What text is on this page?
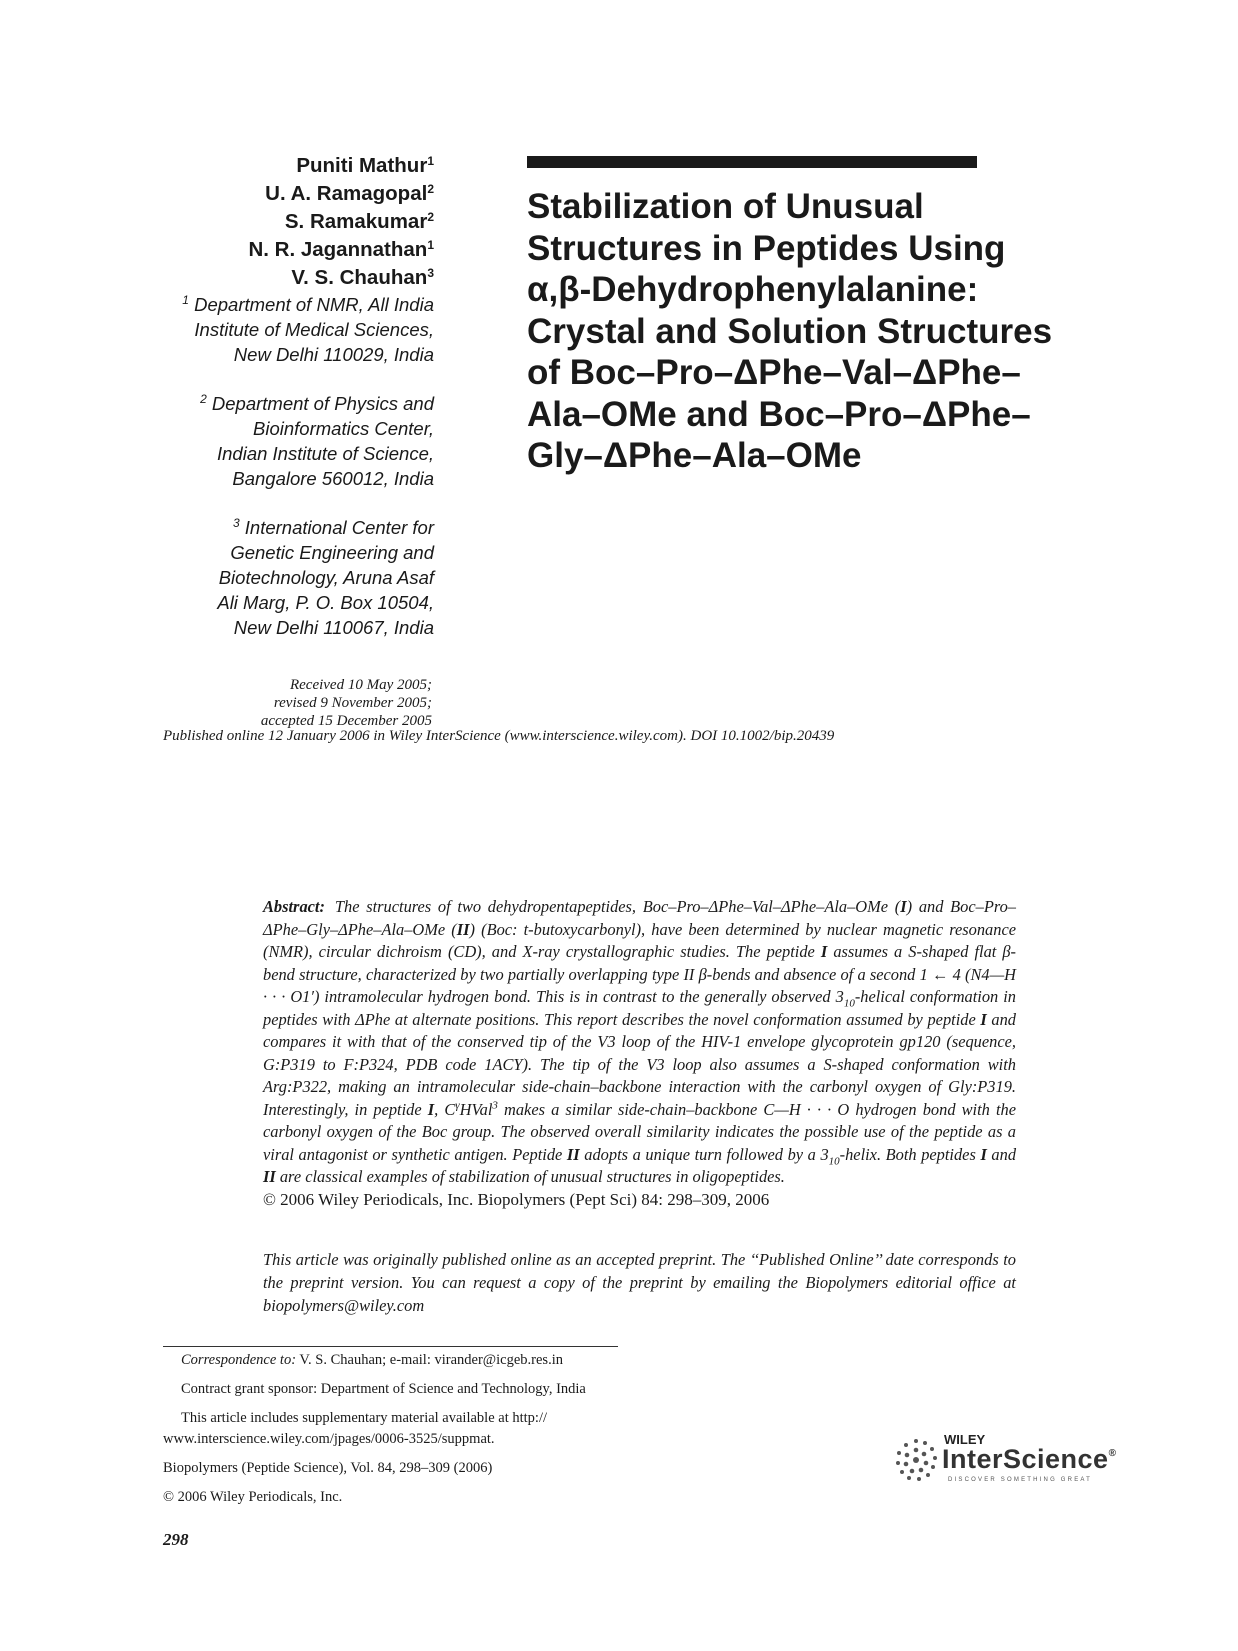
Puniti Mathur$^1$
U. A. Ramagopal$^2$
S. Ramakumar$^2$
N. R. Jagannathan$^1$
V. S. Chauhan$^3$
$^1$ Department of NMR, All India
Institute of Medical Sciences,
New Delhi 110029, India
$^2$ Department of Physics and
Bioinformatics Center,
Indian Institute of Science,
Bangalore 560012, India
$^3$ International Center for
Genetic Engineering and
Biotechnology, Aruna Asaf
Ali Marg, P. O. Box 10504,
New Delhi 110067, India
Received 10 May 2005;
revised 9 November 2005;
accepted 15 December 2005
Published online 12 January 2006 in Wiley InterScience (www.interscience.wiley.com). DOI 10.1002/bip.20439
Stabilization of Unusual
Structures in Peptides Using
α,β-Dehydrophenylalanine:
Crystal and Solution Structures
of Boc–Pro–ΔPhe–Val–ΔPhe–
Ala–OMe and Boc–Pro–ΔPhe–
Gly–ΔPhe–Ala–OMe
Abstract: The structures of two dehydropentapeptides, Boc–Pro–ΔPhe–Val–ΔPhe–Ala–OMe (I) and Boc–Pro–ΔPhe–Gly–ΔPhe–Ala–OMe (II) (Boc: t-butoxycarbonyl), have been determined by nuclear magnetic resonance (NMR), circular dichroism (CD), and X-ray crystallographic studies. The peptide I assumes a S-shaped flat β-bend structure, characterized by two partially overlapping type II β-bends and absence of a second 1 ← 4 (N4—H · · · O1′) intramolecular hydrogen bond. This is in contrast to the generally observed $3_{10}$-helical conformation in peptides with ΔPhe at alternate positions. This report describes the novel conformation assumed by peptide I and compares it with that of the conserved tip of the V3 loop of the HIV-1 envelope glycoprotein gp120 (sequence, G:P319 to F:P324, PDB code 1ACY). The tip of the V3 loop also assumes a S-shaped conformation with Arg:P322, making an intramolecular side-chain–backbone interaction with the carbonyl oxygen of Gly:P319. Interestingly, in peptide I, $C^\gamma HVal^3$ makes a similar side-chain–backbone C—H · · · O hydrogen bond with the carbonyl oxygen of the Boc group. The observed overall similarity indicates the possible use of the peptide as a viral antagonist or synthetic antigen. Peptide II adopts a unique turn followed by a $3_{10}$-helix. Both peptides I and II are classical examples of stabilization of unusual structures in oligopeptides.
© 2006 Wiley Periodicals, Inc. Biopolymers (Pept Sci) 84: 298–309, 2006
This article was originally published online as an accepted preprint. The ‘‘Published Online’’ date corresponds to the preprint version. You can request a copy of the preprint by emailing the Biopolymers editorial office at biopolymers@wiley.com
Correspondence to: V. S. Chauhan; e-mail: virander@icgeb.res.in
Contract grant sponsor: Department of Science and Technology, India
This article includes supplementary material available at http:// www.interscience.wiley.com/jpages/0006-3525/suppmat.
Biopolymers (Peptide Science), Vol. 84, 298–309 (2006)
© 2006 Wiley Periodicals, Inc.
WILEY
InterScience®
DISCOVER SOMETHING GREAT
298
